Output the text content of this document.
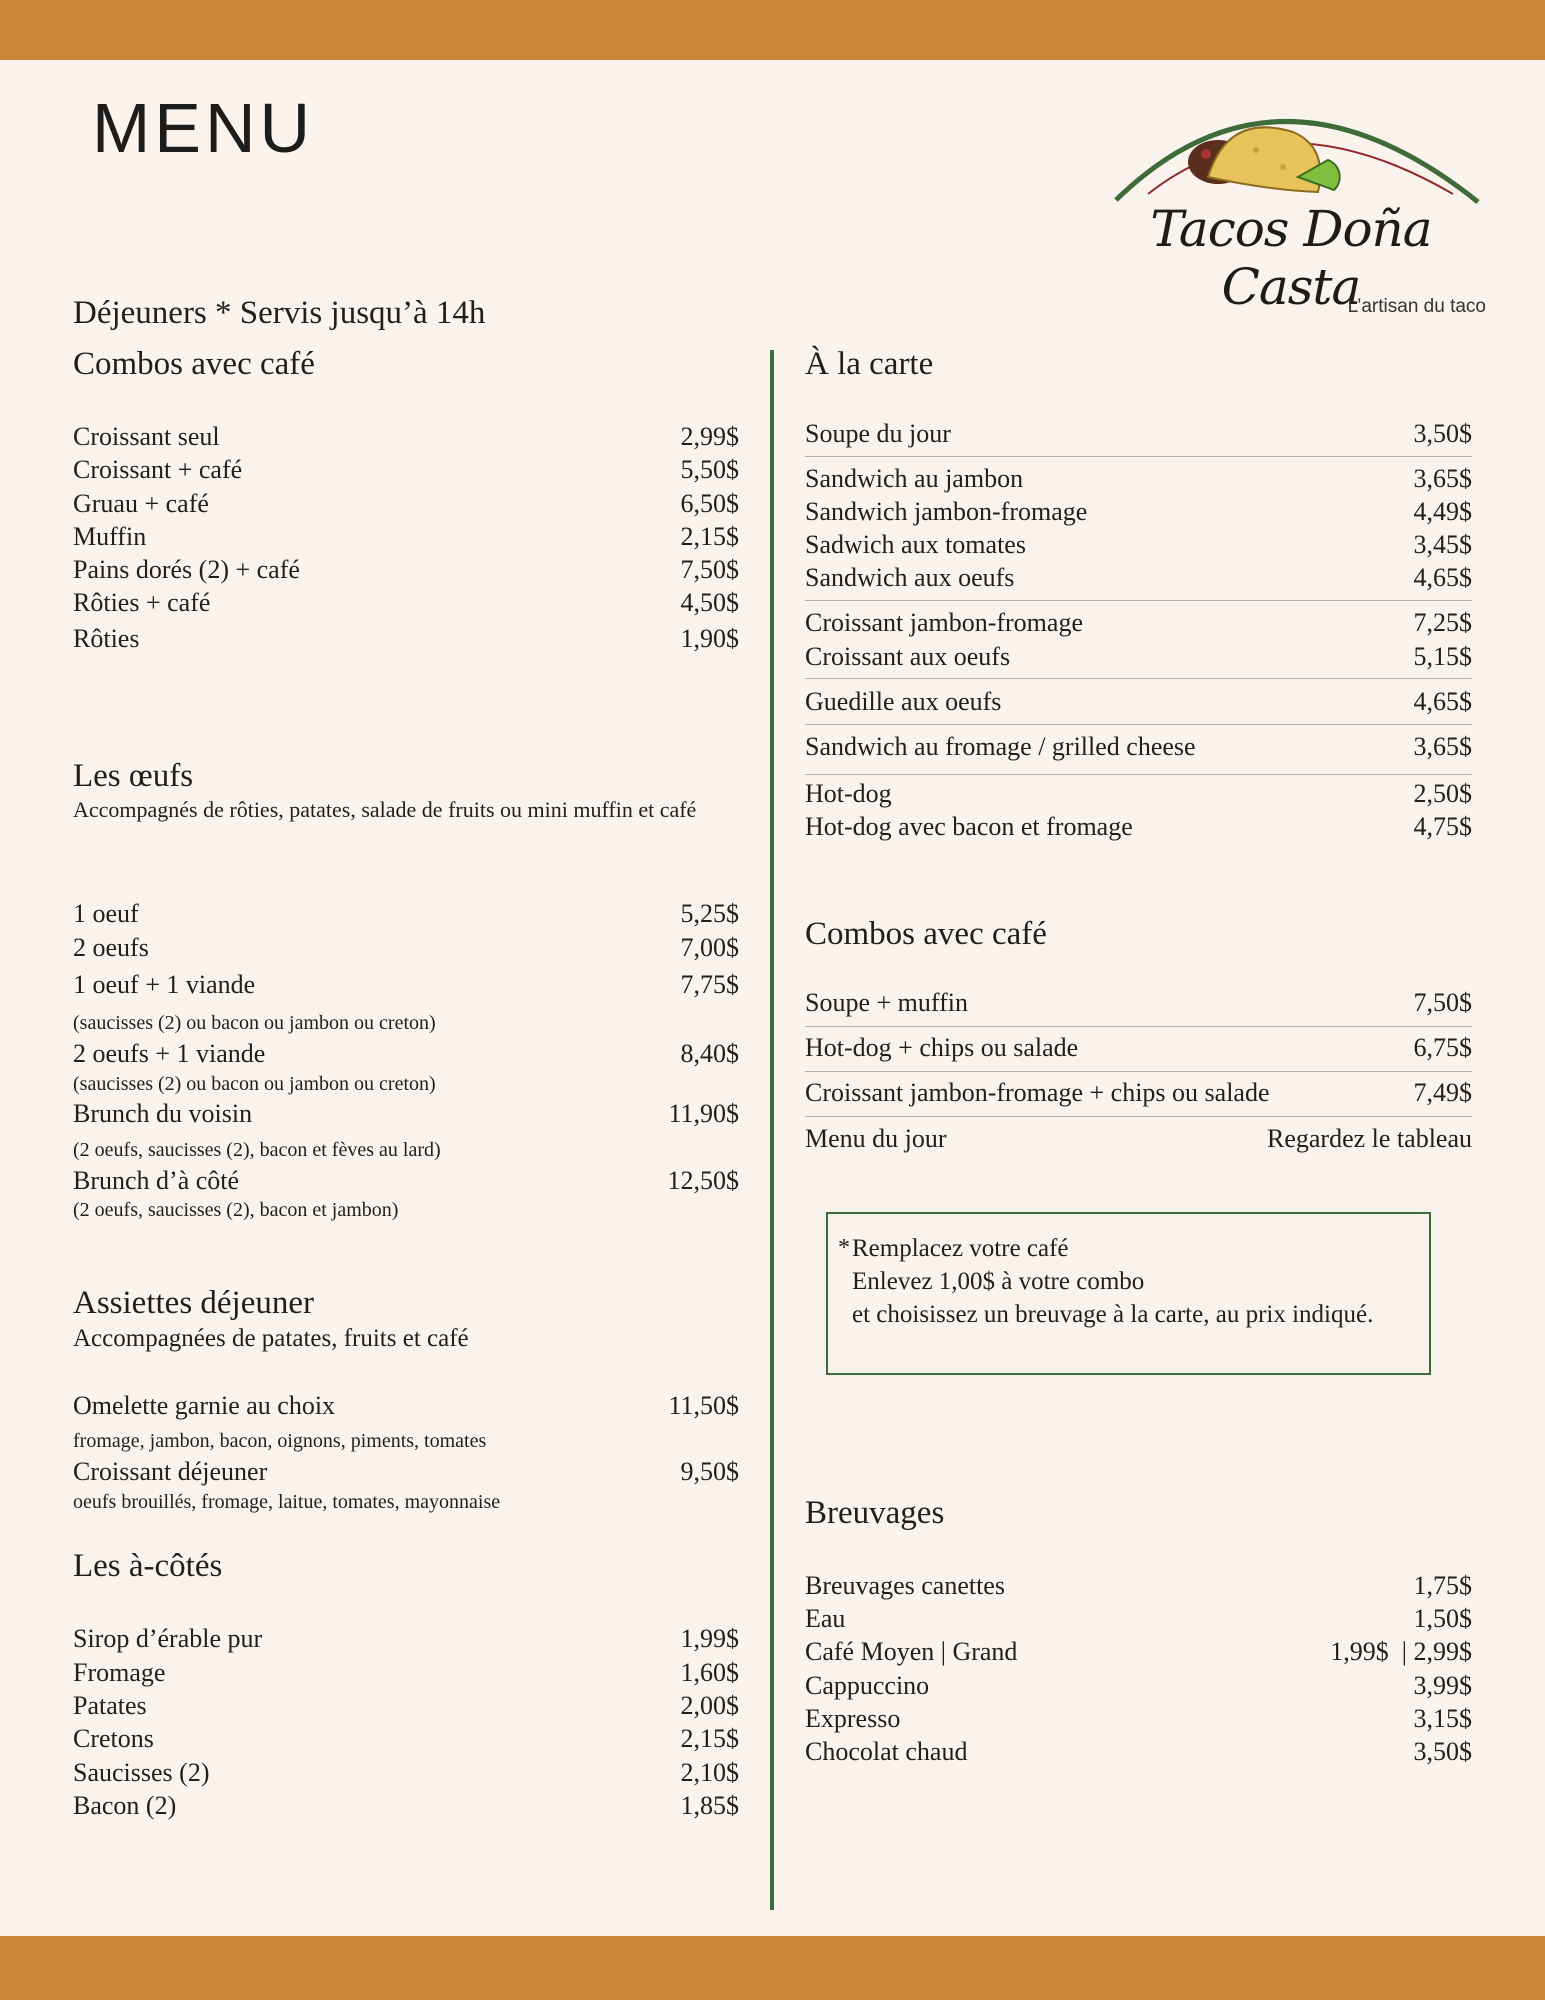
MENU
Tacos Doña Casta
L’artisan du taco
Déjeuners * Servis jusqu’à 14h
Combos avec café
Croissant seul	2,99$
Croissant + café	5,50$
Gruau + café	6,50$
Muffin	2,15$
Pains dorés (2) + café	7,50$
Rôties + café	4,50$
Rôties	1,90$
Les œufs
Accompagnés de rôties, patates, salade de fruits ou mini muffin et café
1 oeuf	5,25$
2 oeufs	7,00$
1 oeuf + 1 viande	7,75$
(saucisses (2) ou bacon ou jambon ou creton)
2 oeufs + 1 viande	8,40$
(saucisses (2) ou bacon ou jambon ou creton)
Brunch du voisin	11,90$
(2 oeufs, saucisses (2), bacon et fèves au lard)
Brunch d’à côté	12,50$
(2 oeufs, saucisses (2), bacon et jambon)
Assiettes déjeuner
Accompagnées de patates, fruits et café
Omelette garnie au choix	11,50$
fromage, jambon, bacon, oignons, piments, tomates
Croissant déjeuner	9,50$
oeufs brouillés, fromage, laitue, tomates, mayonnaise
Les à-côtés
Sirop d’érable pur	1,99$
Fromage	1,60$
Patates	2,00$
Cretons	2,15$
Saucisses (2)	2,10$
Bacon (2)	1,85$
À la carte
Soupe du jour	3,50$
Sandwich au jambon	3,65$
Sandwich jambon-fromage	4,49$
Sadwich aux tomates	3,45$
Sandwich aux oeufs	4,65$
Croissant jambon-fromage	7,25$
Croissant aux oeufs	5,15$
Guedille aux oeufs	4,65$
Sandwich au fromage / grilled cheese	3,65$
Hot-dog	2,50$
Hot-dog avec bacon et fromage	4,75$
Combos avec café
Soupe + muffin	7,50$
Hot-dog + chips ou salade	6,75$
Croissant jambon-fromage + chips ou salade	7,49$
Menu du jour	Regardez le tableau
Breuvages
Breuvages canettes	1,75$
Eau	1,50$
Café Moyen | Grand	1,99$  | 2,99$
Cappuccino	3,99$
Expresso	3,15$
Chocolat chaud	3,50$
*Remplacez votre café
Enlevez 1,00$ à votre combo
et choisissez un breuvage à la carte, au prix indiqué.
